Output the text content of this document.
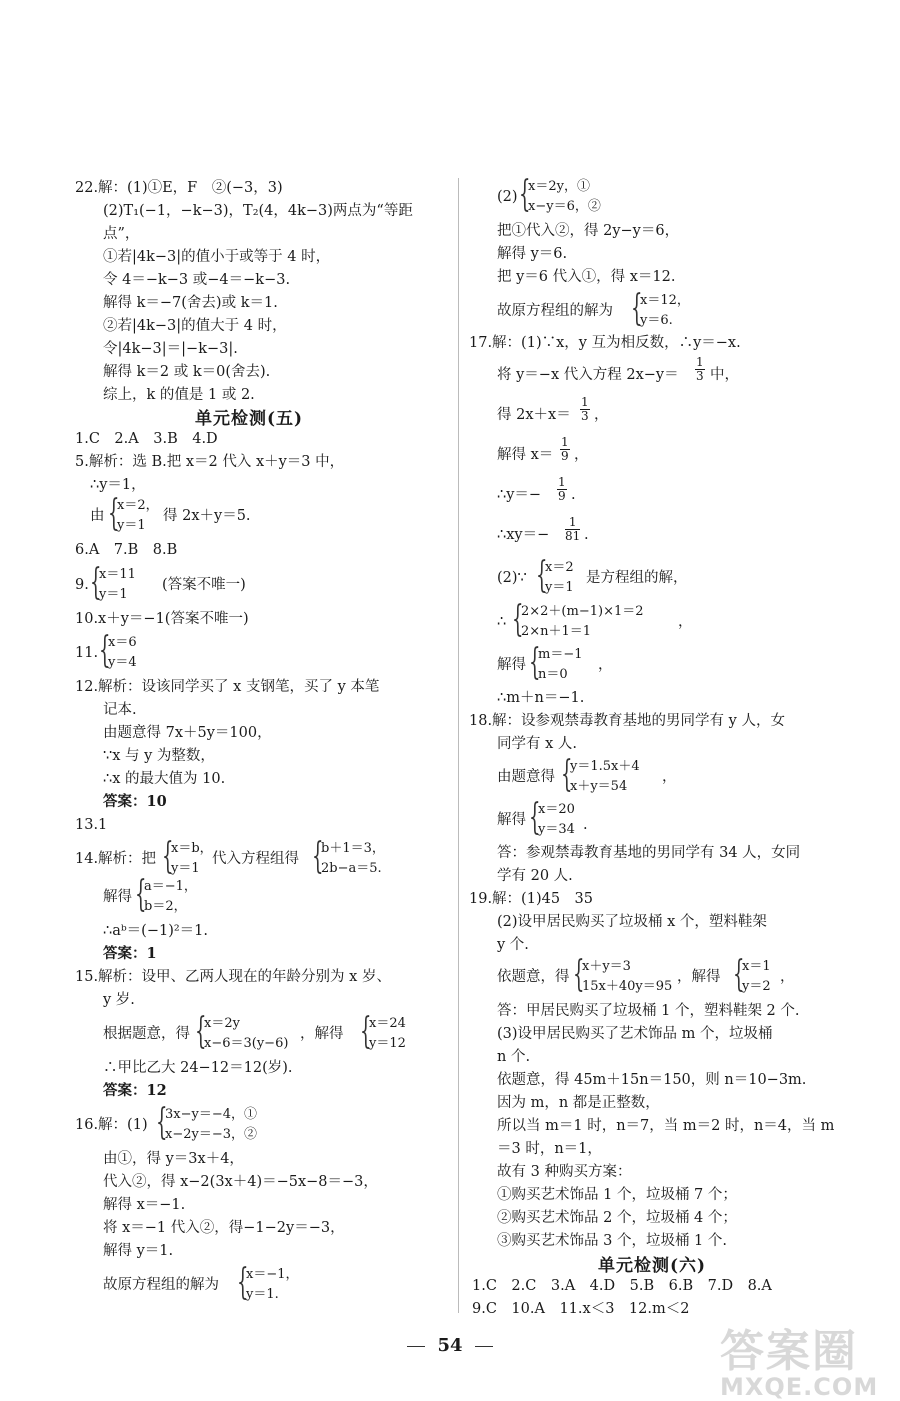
22.解：(1)①E，F　②(−3，3)
(2)T₁(−1，−k−3)，T₂(4，4k−3)两点为“等距
点”，
①若|4k−3|的值小于或等于 4 时，
令 4＝−k−3 或−4＝−k−3.
解得 k＝−7(舍去)或 k＝1.
②若|4k−3|的值大于 4 时，
令|4k−3|＝|−k−3|.
解得 k＝2 或 k＝0(舍去).
综上，k 的值是 1 或 2.
单元检测(五)
1.C　2.A　3.B　4.D
5.解析：选 B.把 x＝2 代入 x＋y＝3 中，
∴y＝1，
由 {
x＝2，
y＝1
得 2x＋y＝5.
6.A　7.B　8.B
9. {
x＝11
y＝1
(答案不唯一)
10.x＋y＝−1(答案不唯一)
11. {
x＝6
y＝4
12.解析：设该同学买了 x 支钢笔，买了 y 本笔
记本.
由题意得 7x＋5y＝100，
∵x 与 y 为整数，
∴x 的最大值为 10.
答案：10
13.1
14.解析：把 {
x＝b，
y＝1
代入方程组得 {
b＋1＝3，
2b−a＝5.
解得 {
a＝−1，
b＝2，
∴aᵇ＝(−1)²＝1.
答案：1
15.解析：设甲、乙两人现在的年龄分别为 x 岁、
y 岁.
根据题意，得 {
x＝2y
x−6＝3(y−6)
，解得 {
x＝24
y＝12
∴甲比乙大 24−12＝12(岁).
答案：12
16.解：(1) {
3x−y＝−4，①
x−2y＝−3，②
由①，得 y＝3x＋4，
代入②，得 x−2(3x＋4)＝−5x−8＝−3，
解得 x＝−1.
将 x＝−1 代入②，得−1−2y＝−3，
解得 y＝1.
故原方程组的解为 {
x＝−1，
y＝1.
(2) {
x＝2y，①
x−y＝6，②
把①代入②，得 2y−y＝6，
解得 y＝6.
把 y＝6 代入①，得 x＝12.
故原方程组的解为 {
x＝12，
y＝6.
17.解：(1)∵x，y 互为相反数，∴y＝−x.
将 y＝−x 代入方程 $2x-y= \frac{1}{3}$ 中，
得 $2x+x= \frac{1}{3}$ ，
解得 $x= \frac{1}{9}$ ，
∴y＝− $\frac{1}{9}$ .
∴xy＝− $\frac{1}{81}$ .
(2)∵ {
x＝2
y＝1
是方程组的解，
∴ {
2×2＋(m−1)×1＝2
2×n＋1＝1
，
解得 {
m＝−1
n＝0
，
∴m＋n＝−1.
18.解：设参观禁毒教育基地的男同学有 y 人，女
同学有 x 人.
由题意得 {
y＝1.5x＋4
x＋y＝54
，
解得 {
x＝20
y＝34 .
答：参观禁毒教育基地的男同学有 34 人，女同
学有 20 人.
19.解：(1)45　35
(2)设甲居民购买了垃圾桶 x 个，塑料鞋架
y 个.
依题意，得 {
x＋y＝3
15x＋40y＝95
，解得 {
x＝1
y＝2
，
答：甲居民购买了垃圾桶 1 个，塑料鞋架 2 个.
(3)设甲居民购买了艺术饰品 m 个，垃圾桶
n 个.
依题意，得 45m＋15n＝150，则 n＝10−3m.
因为 m，n 都是正整数，
所以当 m＝1 时，n＝7，当 m＝2 时，n＝4，当 m
＝3 时，n＝1，
故有 3 种购买方案：
①购买艺术饰品 1 个，垃圾桶 7 个；
②购买艺术饰品 2 个，垃圾桶 4 个；
③购买艺术饰品 3 个，垃圾桶 1 个.
单元检测(六)
1.C　2.C　3.A　4.D　5.B　6.B　7.D　8.A
9.C　10.A　11.x＜3　12.m＜2
54	答案圈
MXQE.COM
